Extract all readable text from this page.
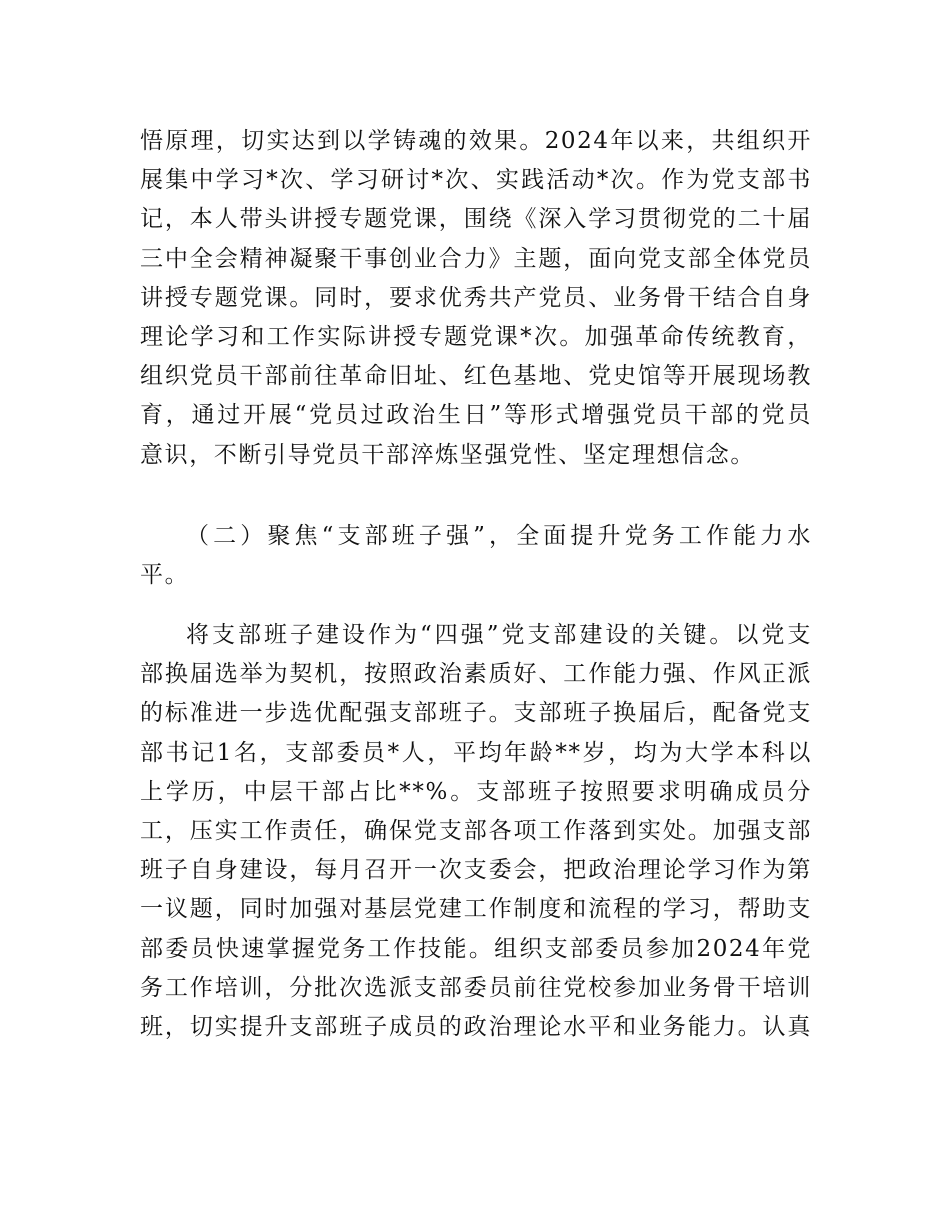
悟原理，切实达到以学铸魂的效果。2024年以来，共组织开
展集中学习*次、学习研讨*次、实践活动*次。作为党支部书
记，本人带头讲授专题党课，围绕《深入学习贯彻党的二十届
三中全会精神凝聚干事创业合力》主题，面向党支部全体党员
讲授专题党课。同时，要求优秀共产党员、业务骨干结合自身
理论学习和工作实际讲授专题党课*次。加强革命传统教育，
组织党员干部前往革命旧址、红色基地、党史馆等开展现场教
育，通过开展“党员过政治生日”等形式增强党员干部的党员
意识，不断引导党员干部淬炼坚强党性、坚定理想信念。
（二）聚焦“支部班子强”，全面提升党务工作能力水
平。
将支部班子建设作为“四强”党支部建设的关键。以党支
部换届选举为契机，按照政治素质好、工作能力强、作风正派
的标准进一步选优配强支部班子。支部班子换届后，配备党支
部书记1名，支部委员*人，平均年龄**岁，均为大学本科以
上学历，中层干部占比**%。支部班子按照要求明确成员分
工，压实工作责任，确保党支部各项工作落到实处。加强支部
班子自身建设，每月召开一次支委会，把政治理论学习作为第
一议题，同时加强对基层党建工作制度和流程的学习，帮助支
部委员快速掌握党务工作技能。组织支部委员参加2024年党
务工作培训，分批次选派支部委员前往党校参加业务骨干培训
班，切实提升支部班子成员的政治理论水平和业务能力。认真
